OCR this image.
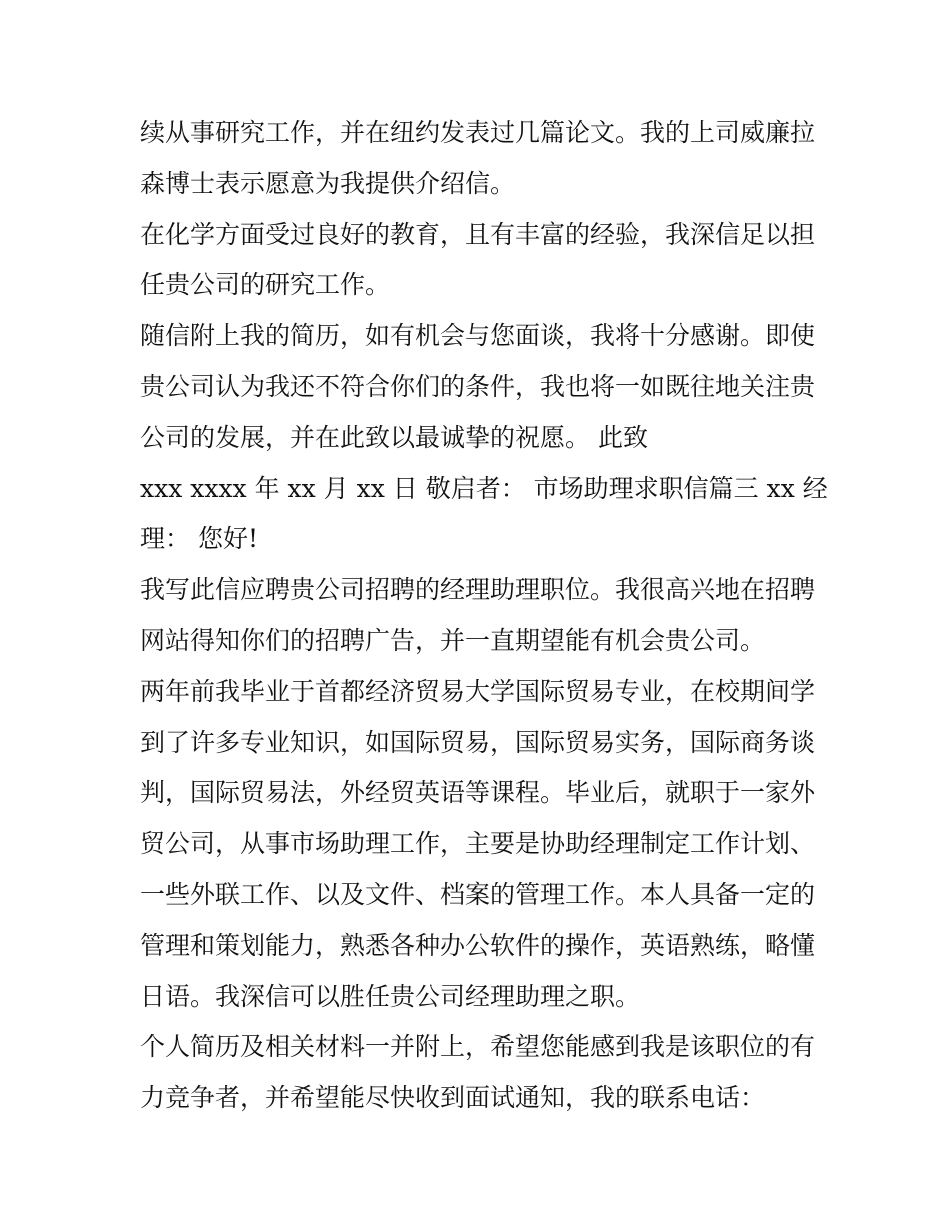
续从事研究工作，并在纽约发表过几篇论文。我的上司威廉拉
森博士表示愿意为我提供介绍信。
在化学方面受过良好的教育，且有丰富的经验，我深信足以担
任贵公司的研究工作。
随信附上我的简历，如有机会与您面谈，我将十分感谢。即使
贵公司认为我还不符合你们的条件，我也将一如既往地关注贵
公司的发展，并在此致以最诚挚的祝愿。 此致
xxx xxxx 年 xx 月 xx 日 敬启者： 市场助理求职信篇三 xx 经
理： 您好!
我写此信应聘贵公司招聘的经理助理职位。我很高兴地在招聘
网站得知你们的招聘广告，并一直期望能有机会贵公司。
两年前我毕业于首都经济贸易大学国际贸易专业，在校期间学
到了许多专业知识，如国际贸易，国际贸易实务，国际商务谈
判，国际贸易法，外经贸英语等课程。毕业后，就职于一家外
贸公司，从事市场助理工作，主要是协助经理制定工作计划、
一些外联工作、以及文件、档案的管理工作。本人具备一定的
管理和策划能力，熟悉各种办公软件的操作，英语熟练，略懂
日语。我深信可以胜任贵公司经理助理之职。
个人简历及相关材料一并附上，希望您能感到我是该职位的有
力竞争者，并希望能尽快收到面试通知，我的联系电话：
